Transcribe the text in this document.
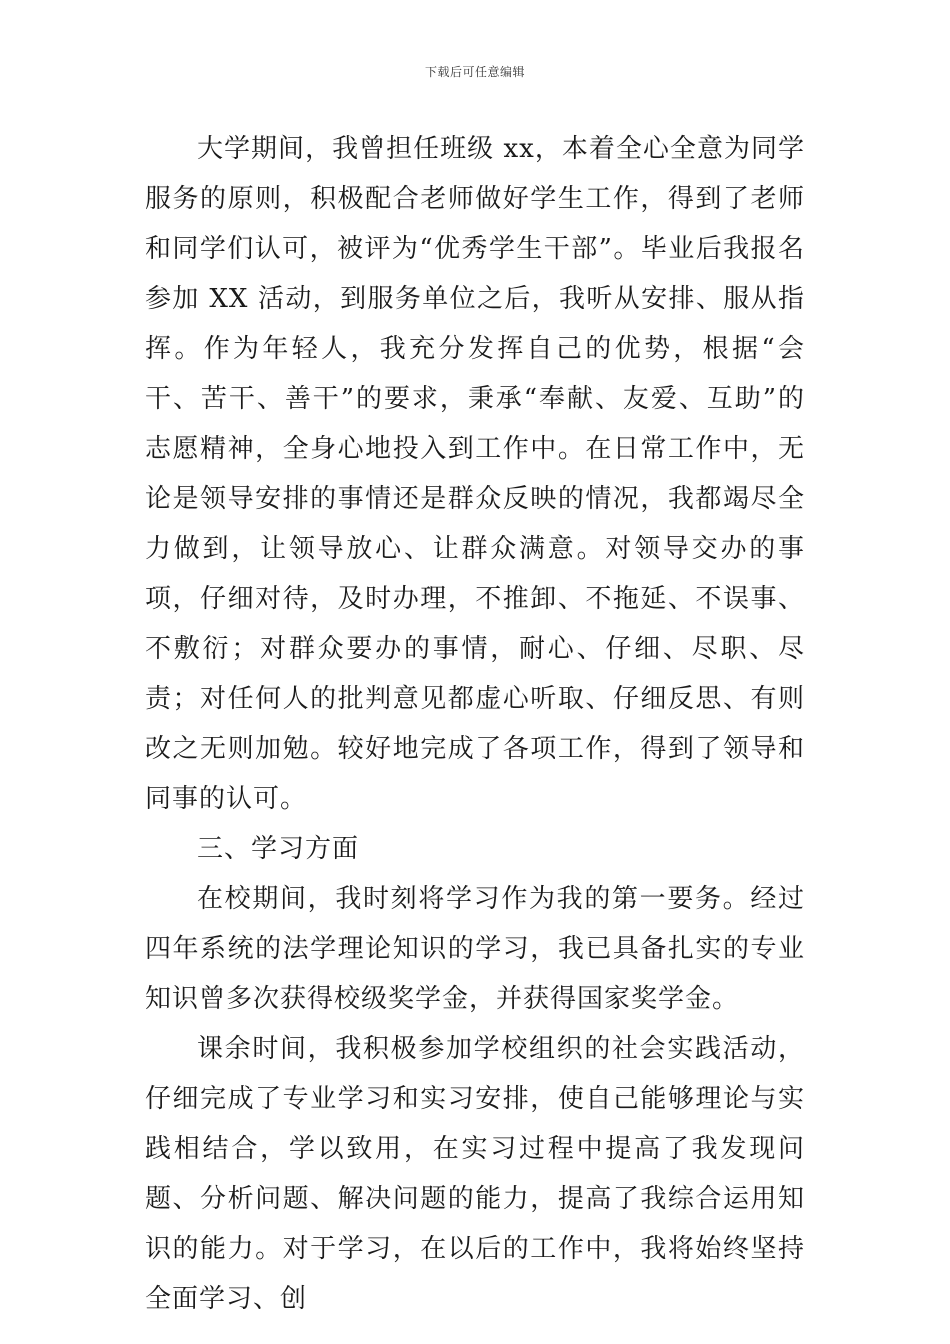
下载后可任意编辑

大学期间，我曾担任班级 xx，本着全心全意为同学服务的原则，积极配合老师做好学生工作，得到了老师和同学们认可，被评为“优秀学生干部”。毕业后我报名参加 XX 活动，到服务单位之后，我听从安排、服从指挥。作为年轻人，我充分发挥自己的优势，根据“会干、苦干、善干”的要求，秉承“奉献、友爱、互助”的志愿精神，全身心地投入到工作中。在日常工作中，无论是领导安排的事情还是群众反映的情况，我都竭尽全力做到，让领导放心、让群众满意。对领导交办的事项，仔细对待，及时办理，不推卸、不拖延、不误事、不敷衍；对群众要办的事情，耐心、仔细、尽职、尽责；对任何人的批判意见都虚心听取、仔细反思、有则改之无则加勉。较好地完成了各项工作，得到了领导和同事的认可。

三、学习方面

在校期间，我时刻将学习作为我的第一要务。经过四年系统的法学理论知识的学习，我已具备扎实的专业知识曾多次获得校级奖学金，并获得国家奖学金。

课余时间，我积极参加学校组织的社会实践活动，仔细完成了专业学习和实习安排，使自己能够理论与实践相结合，学以致用，在实习过程中提高了我发现问题、分析问题、解决问题的能力，提高了我综合运用知识的能力。对于学习，在以后的工作中，我将始终坚持全面学习、创
